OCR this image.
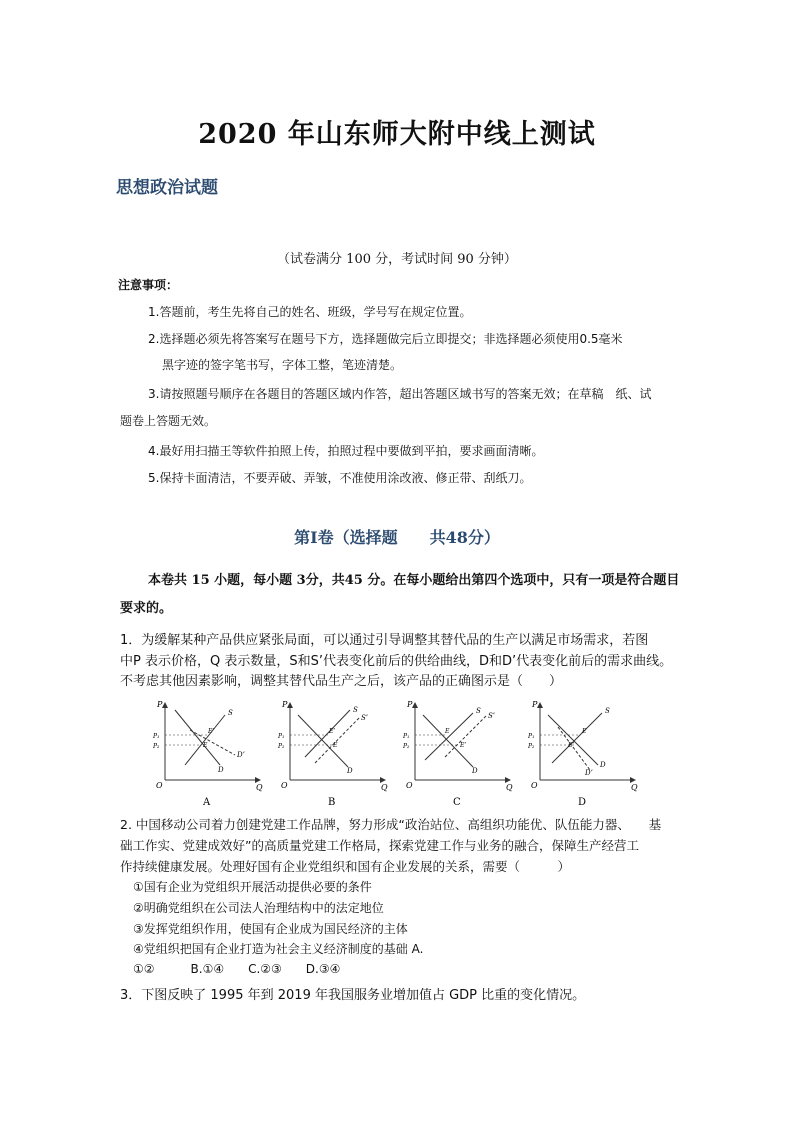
2020 年山东师大附中线上测试
思想政治试题
（试卷满分 100 分，考试时间 90 分钟）
注意事项：
1.答题前，考生先将自己的姓名、班级，学号写在规定位置。
2.选择题必须先将答案写在题号下方，选择题做完后立即提交；非选择题必须使用0.5毫米
黑字迹的签字笔书写，字体工整，笔迹清楚。
3.请按照题号顺序在各题目的答题区域内作答，超出答题区域书写的答案无效；在草稿　纸、试
题卷上答题无效。
4.最好用扫描王等软件拍照上传，拍照过程中要做到平拍，要求画面清晰。
5.保持卡面清洁，不要弄破、弄皱，不准使用涂改液、修正带、刮纸刀。
第Ⅰ卷（选择题　　共48分）
本卷共 15 小题，每小题 3分，共45 分。在每小题给出第四个选项中，只有一项是符合题目
要求的。
1．为缓解某种产品供应紧张局面，可以通过引导调整其替代品的生产以满足市场需求，若图
中P 表示价格，Q 表示数量，S和S’代表变化前后的供给曲线，D和D’代表变化前后的需求曲线。
不考虑其他因素影响，调整其替代品生产之后，该产品的正确图示是（　　）
P
Q
O
S
D’
D
P₁
P₂
E’
E
A
P
Q
O
S
S’
D
P₁
P₂
E’
E
B
P
Q
O
S
S’
D
P₁
P₂
E
E’
C
P
Q
O
S
D
D’
P₁
P₂
E
E’
D
2. 中国移动公司着力创建党建工作品牌，努力形成“政治站位、高组织功能优、队伍能力器、　　基
础工作实、党建成效好”的高质量党建工作格局，探索党建工作与业务的融合，保障生产经营工
作持续健康发展。处理好国有企业党组织和国有企业发展的关系，需要（　　　）
①国有企业为党组织开展活动提供必要的条件
②明确党组织在公司法人治理结构中的法定地位
③发挥党组织作用，使国有企业成为国民经济的主体
④党组织把国有企业打造为社会主义经济制度的基础 A.
①②　　　B.①④　　C.②③　　D.③④
3．下图反映了 1995 年到 2019 年我国服务业增加值占 GDP 比重的变化情况。
